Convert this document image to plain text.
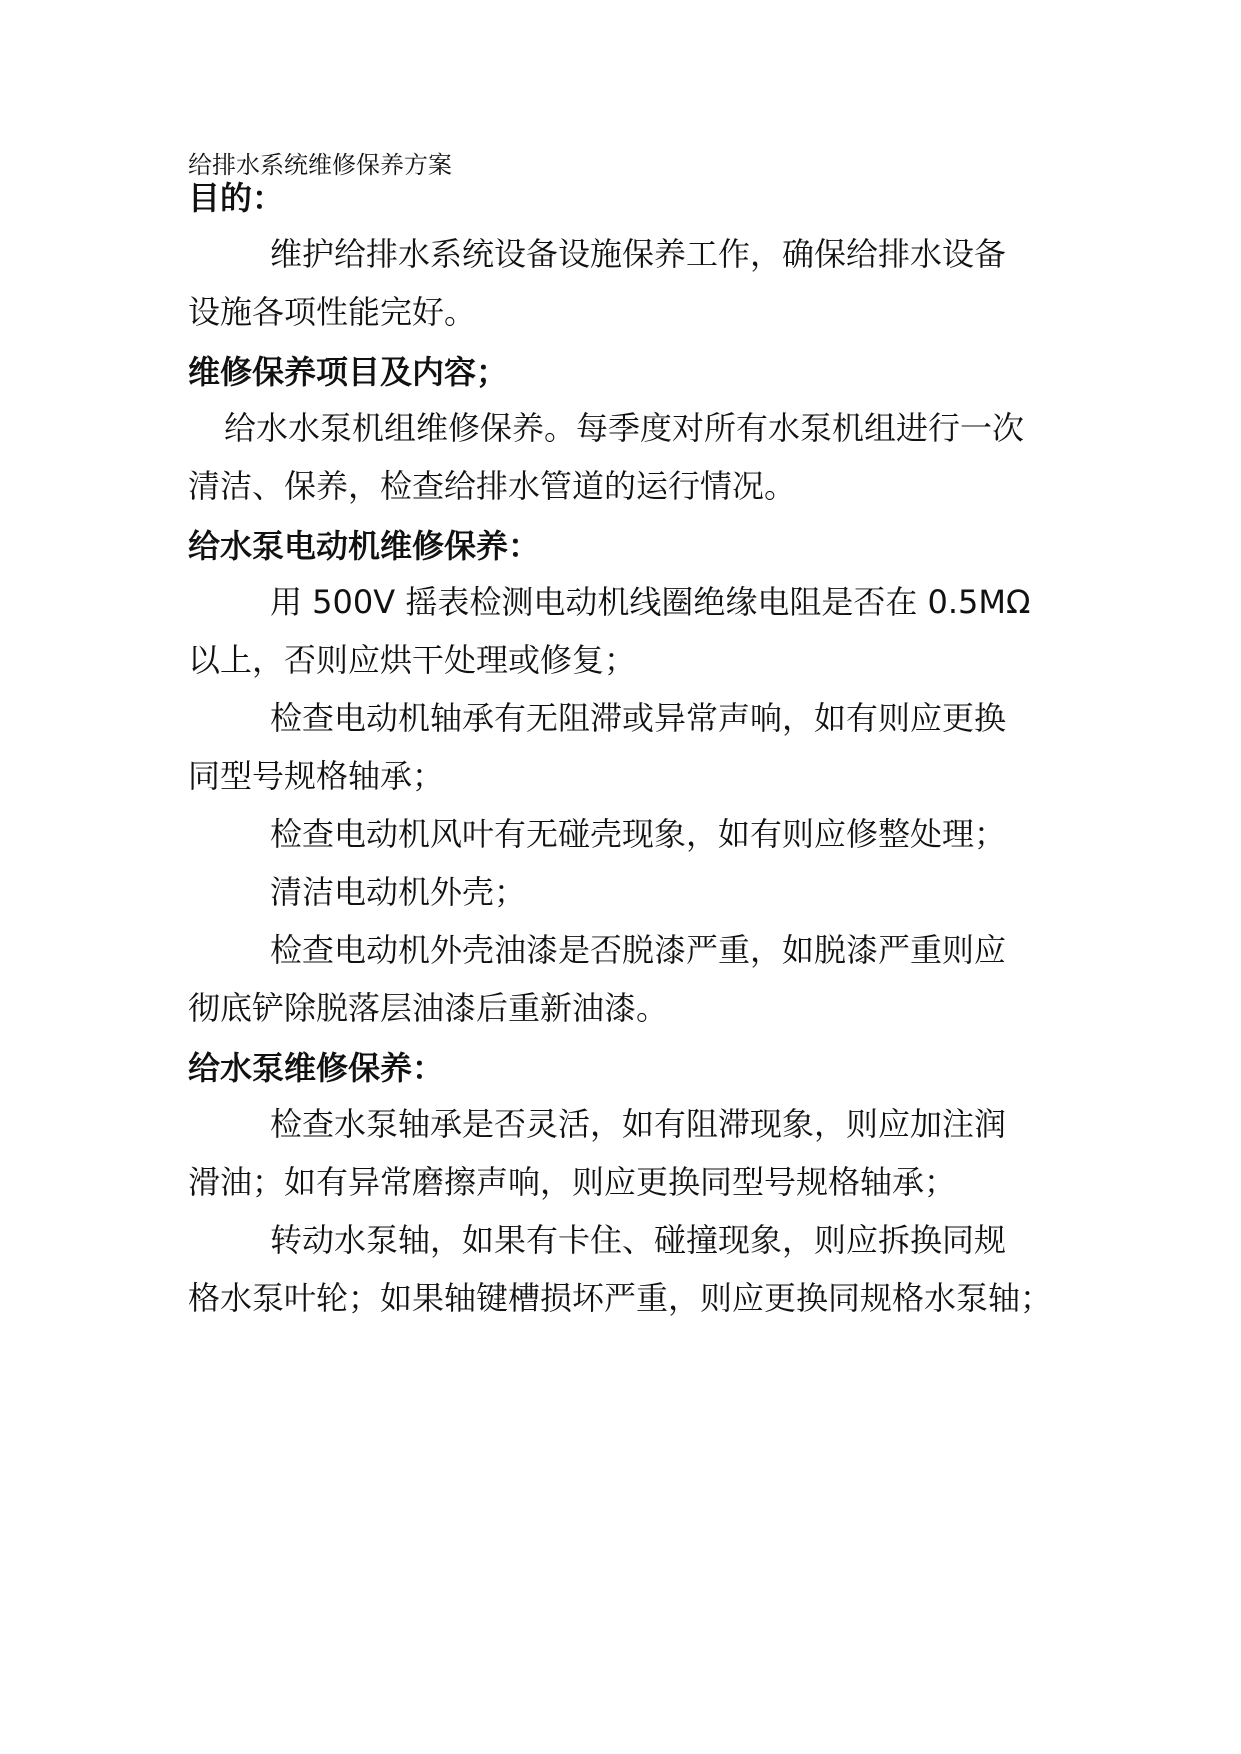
给排水系统维修保养方案
目的：
维护给排水系统设备设施保养工作，确保给排水设备
设施各项性能完好。
维修保养项目及内容；
给水水泵机组维修保养。每季度对所有水泵机组进行一次
清洁、保养，检查给排水管道的运行情况。
给水泵电动机维修保养：
用 500V 摇表检测电动机线圈绝缘电阻是否在 0.5MΩ
以上，否则应烘干处理或修复；
检查电动机轴承有无阻滞或异常声响，如有则应更换
同型号规格轴承；
检查电动机风叶有无碰壳现象，如有则应修整处理；
清洁电动机外壳；
检查电动机外壳油漆是否脱漆严重，如脱漆严重则应
彻底铲除脱落层油漆后重新油漆。
给水泵维修保养：
检查水泵轴承是否灵活，如有阻滞现象，则应加注润
滑油；如有异常磨擦声响，则应更换同型号规格轴承；
转动水泵轴，如果有卡住、碰撞现象，则应拆换同规
格水泵叶轮；如果轴键槽损坏严重，则应更换同规格水泵轴；
